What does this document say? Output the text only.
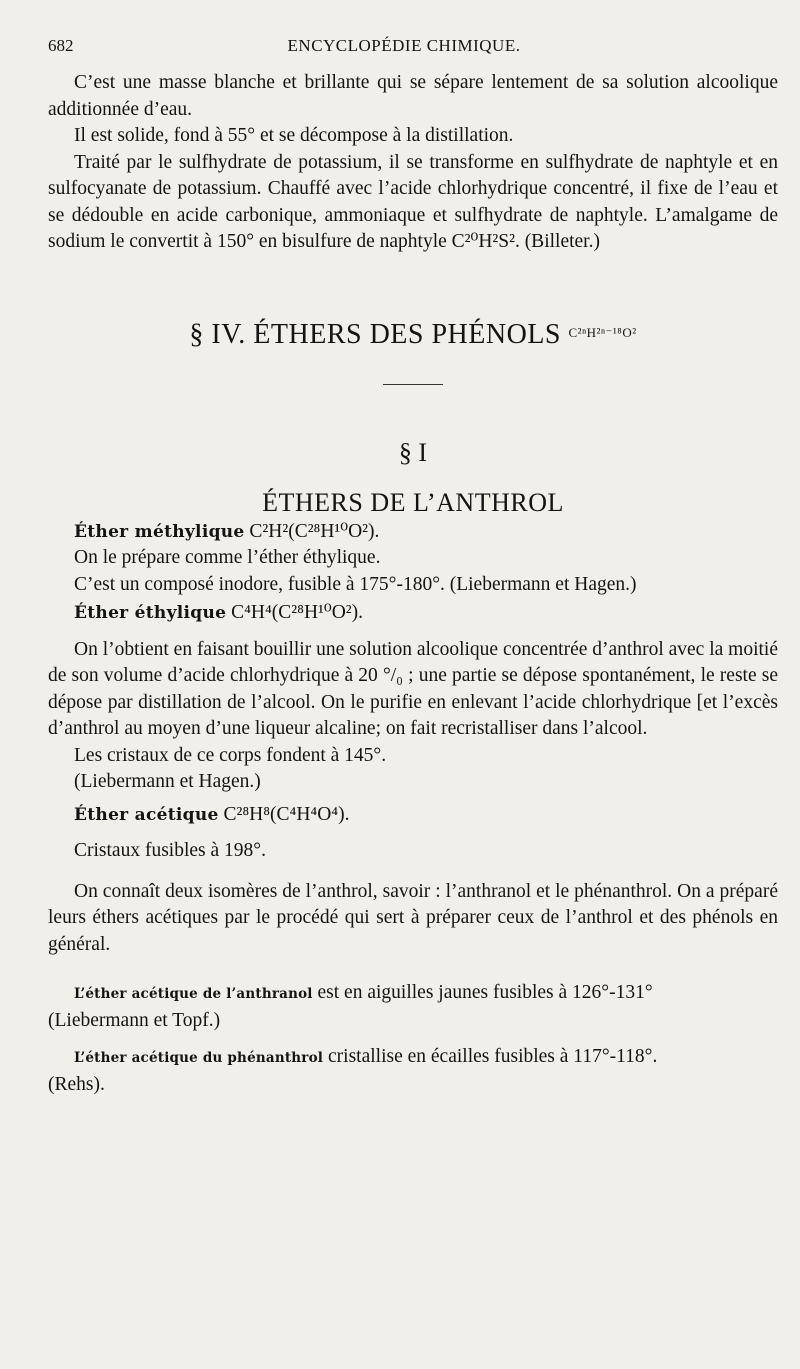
682	ENCYCLOPÉDIE CHIMIQUE.

C’est une masse blanche et brillante qui se sépare lentement de sa solution alcoolique additionnée d’eau.

Il est solide, fond à 55° et se décompose à la distillation.

Traité par le sulfhydrate de potassium, il se transforme en sulfhydrate de naphtyle et en sulfocyanate de potassium. Chauffé avec l’acide chlorhydrique concentré, il fixe de l’eau et se dédouble en acide carbonique, ammoniaque et sulfhydrate de naphtyle. L’amalgame de sodium le convertit à 150° en bisulfure de naphtyle C²⁰H²S². (Billeter.)

§ IV. ÉTHERS DES PHÉNOLS $^{C^{2n}H^{2n-18}O^2}$
§ I
ÉTHERS DE L’ANTHROL

Éther méthylique C²H²(C²⁸H¹⁰O²).

On le prépare comme l’éther éthylique.

C’est un composé inodore, fusible à 175°-180°. (Liebermann et Hagen.)

Éther éthylique C⁴H⁴(C²⁸H¹⁰O²).

On l’obtient en faisant bouillir une solution alcoolique concentrée d’anthrol avec la moitié de son volume d’acide chlorhydrique à 20 °/₀ ; une partie se dépose spontanément, le reste se dépose par distillation de l’alcool. On le purifie en enlevant l’acide chlorhydrique [et l’excès d’anthrol au moyen d’une liqueur alcaline; on fait recristalliser dans l’alcool.

Les cristaux de ce corps fondent à 145°.

(Liebermann et Hagen.)

Éther acétique C²⁸H⁸(C⁴H⁴O⁴).

Cristaux fusibles à 198°.

On connaît deux isomères de l’anthrol, savoir : l’anthranol et le phénanthrol. On a préparé leurs éthers acétiques par le procédé qui sert à préparer ceux de l’anthrol et des phénols en général.

L’éther acétique de l’anthranol est en aiguilles jaunes fusibles à 126°-131°

(Liebermann et Topf.)

L’éther acétique du phénanthrol cristallise en écailles fusibles à 117°-118°.

(Rehs).
